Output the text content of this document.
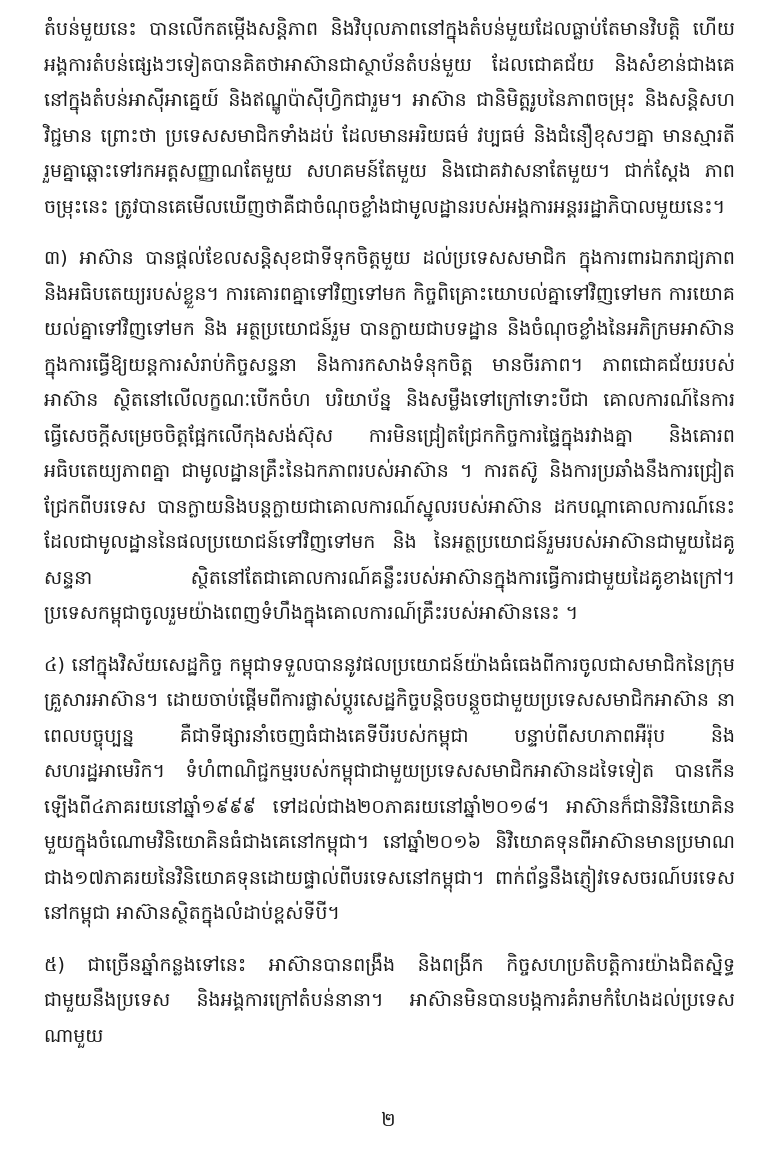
តំបន់មួយនេះ បានលើកតម្កើងសន្តិភាព និងវិបុលភាពនៅក្នុងតំបន់មួយដែលធ្លាប់តែមានវិបត្តិ ហើយ អង្គការតំបន់ផ្សេងៗទៀតបានគិតថាអាស៊ានជាស្ថាប័នតំបន់មួយ ដែលជោគជ័យ និងសំខាន់ជាងគេ នៅក្នុងតំបន់អាស៊ីអាគ្នេយ៍ និងឥណ្ឌូប៉ាស៊ីហ្វិកជារួម។ អាស៊ាន ជានិមិត្តរូបនៃភាពចម្រុះ និងសន្តិសហវិជ្ជមាន ព្រោះថា ប្រទេសសមាជិកទាំងដប់ ដែលមានអរិយធម៌ វប្បធម៌ និងជំនឿខុសៗគ្នា មានស្មារតីរួមគ្នាឆ្ពោះទៅរកអត្តសញ្ញាណតែមួយ សហគមន៍តែមួយ និងជោគវាសនាតែមួយ។ ជាក់ស្តែង ភាពចម្រុះនេះ ត្រូវបានគេមើលឃើញថាគឺជាចំណុចខ្លាំងជាមូលដ្ឋានរបស់អង្គការអន្តររដ្ឋាភិបាលមួយនេះ។

៣) អាស៊ាន បានផ្តល់ខែលសន្តិសុខជាទីទុកចិត្តមួយ ដល់ប្រទេសសមាជិក ក្នុងការពារឯករាជ្យភាព និងអធិបតេយ្យរបស់ខ្លួន។ ការគោរពគ្នាទៅវិញទៅមក កិច្ចពិគ្រោះយោបល់គ្នាទៅវិញទៅមក ការយោគយល់គ្នាទៅវិញទៅមក និង អត្ថប្រយោជន៍រួម បានក្លាយជាបទដ្ឋាន និងចំណុចខ្លាំងនៃអភិក្រមអាស៊ាន ក្នុងការធ្វើឱ្យយន្តការសំរាប់កិច្ចសន្ទនា និងការកសាងទំនុកចិត្ត មានចីរភាព។ ភាពជោគជ័យរបស់អាស៊ាន ស្ថិតនៅលើលក្ខណៈបើកចំហ បរិយាប័ន្ន និងសម្លឹងទៅក្រៅទោះបីជា គោលការណ៍នៃការធ្វើសេចក្តីសម្រេចចិត្តផ្អែកលើកុងសង់ស៊ុស ការមិនជ្រៀតជ្រែកកិច្ចការផ្ទៃក្នុងរវាងគ្នា និងគោរពអធិបតេយ្យភាពគ្នា ជាមូលដ្ឋានគ្រឹះនៃឯកភាពរបស់អាស៊ាន ។ ការតស៊ូ និងការប្រឆាំងនឹងការជ្រៀតជ្រែកពីបរទេស បានក្លាយនិងបន្តក្លាយជាគោលការណ៍ស្នូលរបស់អាស៊ាន ដកបណ្តាគោលការណ៍នេះដែលជាមូលដ្ឋាននៃផលប្រយោជន៍ទៅវិញទៅមក និង នៃអត្ថប្រយោជន៍រួមរបស់អាស៊ានជាមួយដៃគូសន្ទនា ស្ថិតនៅតែជាគោលការណ៍គន្លឹះរបស់អាស៊ានក្នុងការធ្វើការជាមួយដៃគូខាងក្រៅ។ ប្រទេសកម្ពុជាចូលរួមយ៉ាងពេញទំហឹងក្នុងគោលការណ៍គ្រឹះរបស់អាស៊ាននេះ ។

៤) នៅក្នុងវិស័យសេដ្ឋកិច្ច កម្ពុជាទទួលបាននូវផលប្រយោជន៍យ៉ាងធំធេងពីការចូលជាសមាជិកនៃក្រុមគ្រួសារអាស៊ាន។ ដោយចាប់ផ្តើមពីការផ្លាស់ប្តូរសេដ្ឋកិច្ចបន្តិចបន្តួចជាមួយប្រទេសសមាជិកអាស៊ាន នាពេលបច្ចុប្បន្ន គឺជាទីផ្សារនាំចេញធំជាងគេទីបីរបស់កម្ពុជា បន្ទាប់ពីសហភាពអឺរ៉ុប និងសហរដ្ឋអាមេរិក។ ទំហំពាណិជ្ជកម្មរបស់កម្ពុជាជាមួយប្រទេសសមាជិកអាស៊ានដទៃទៀត បានកើនឡើងពី៤ភាគរយនៅឆ្នាំ១៩៩៩ ទៅដល់ជាង២០ភាគរយនៅឆ្នាំ២០១៨។ អាស៊ានក៏ជានិវិនិយោគិនមួយក្នុងចំណោមវិនិយោគិនធំជាងគេនៅកម្ពុជា។ នៅឆ្នាំ២០១៦ និវិយោគទុនពីអាស៊ានមានប្រមាណជាង១៧ភាគរយនៃវិនិយោគទុនដោយផ្ទាល់ពីបរទេសនៅកម្ពុជា។ ពាក់ព័ន្ធនឹងភ្ញៀវទេសចរណ៍បរទេសនៅកម្ពុជា អាស៊ានស្ថិតក្នុងលំដាប់ខ្ពស់ទីបី។

៥) ជាច្រើនឆ្នាំកន្លងទៅនេះ អាស៊ានបានពង្រឹង និងពង្រីក កិច្ចសហប្រតិបត្តិការយ៉ាងជិតស្និទ្ធជាមួយនឹងប្រទេស និងអង្គការក្រៅតំបន់នានា។ អាស៊ានមិនបានបង្កការគំរាមកំហែងដល់ប្រទេសណាមួយ

២
